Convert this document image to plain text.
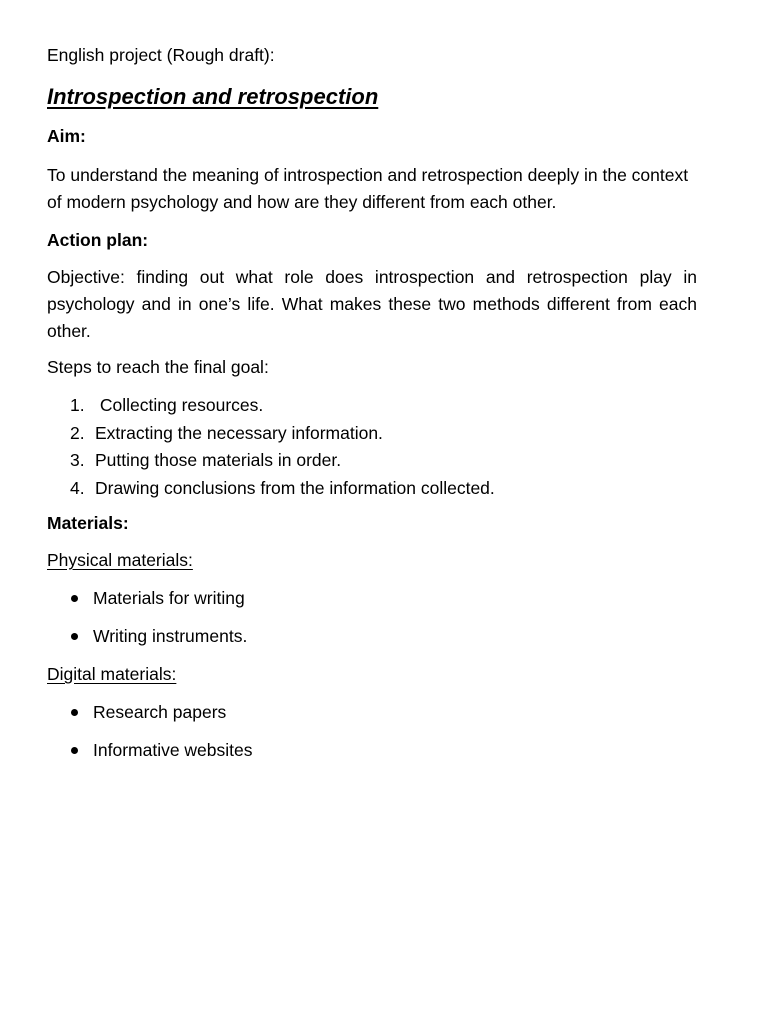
English project (Rough draft):
Introspection and retrospection
Aim:
To understand the meaning of introspection and retrospection deeply in the context of modern psychology and how are they different from each other.
Action plan:
Objective: finding out what role does introspection and retrospection play in psychology and in one’s life. What makes these two methods different from each other.
Steps to reach the final goal:
1. Collecting resources.
2. Extracting the necessary information.
3. Putting those materials in order.
4. Drawing conclusions from the information collected.
Materials:
Physical materials:
Materials for writing
Writing instruments.
Digital materials:
Research papers
Informative websites
